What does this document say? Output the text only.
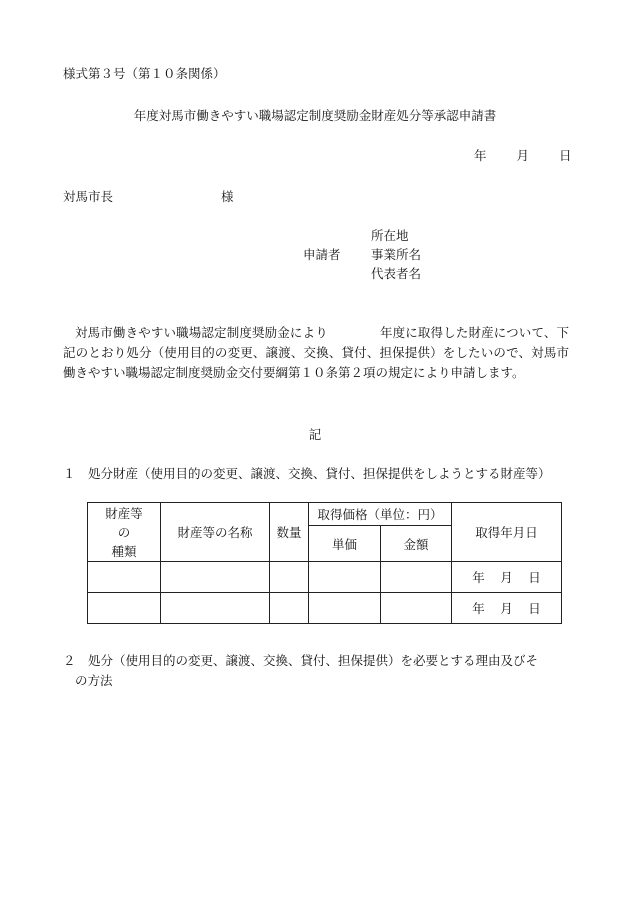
様式第３号（第１０条関係）
年度対馬市働きやすい職場認定制度奨励金財産処分等承認申請書
年 月 日
対馬市長	様
申請者
所在地
事業所名
代表者名
対馬市働きやすい職場認定制度奨励金により	年度に取得した財産について、下記のとおり処分（使用目的の変更、譲渡、交換、貸付、担保提供）をしたいので、対馬市働きやすい職場認定制度奨励金交付要綱第１０条第２項の規定により申請します。
記
１  処分財産（使用目的の変更、譲渡、交換、貸付、担保提供をしようとする財産等）
財産等
の
種類	財産等の名称	数量	取得価格（単位：円）		取得年月日
			単価	金額	
					年 月 日
					年 月 日
２  処分（使用目的の変更、譲渡、交換、貸付、担保提供）を必要とする理由及びそ
の方法
